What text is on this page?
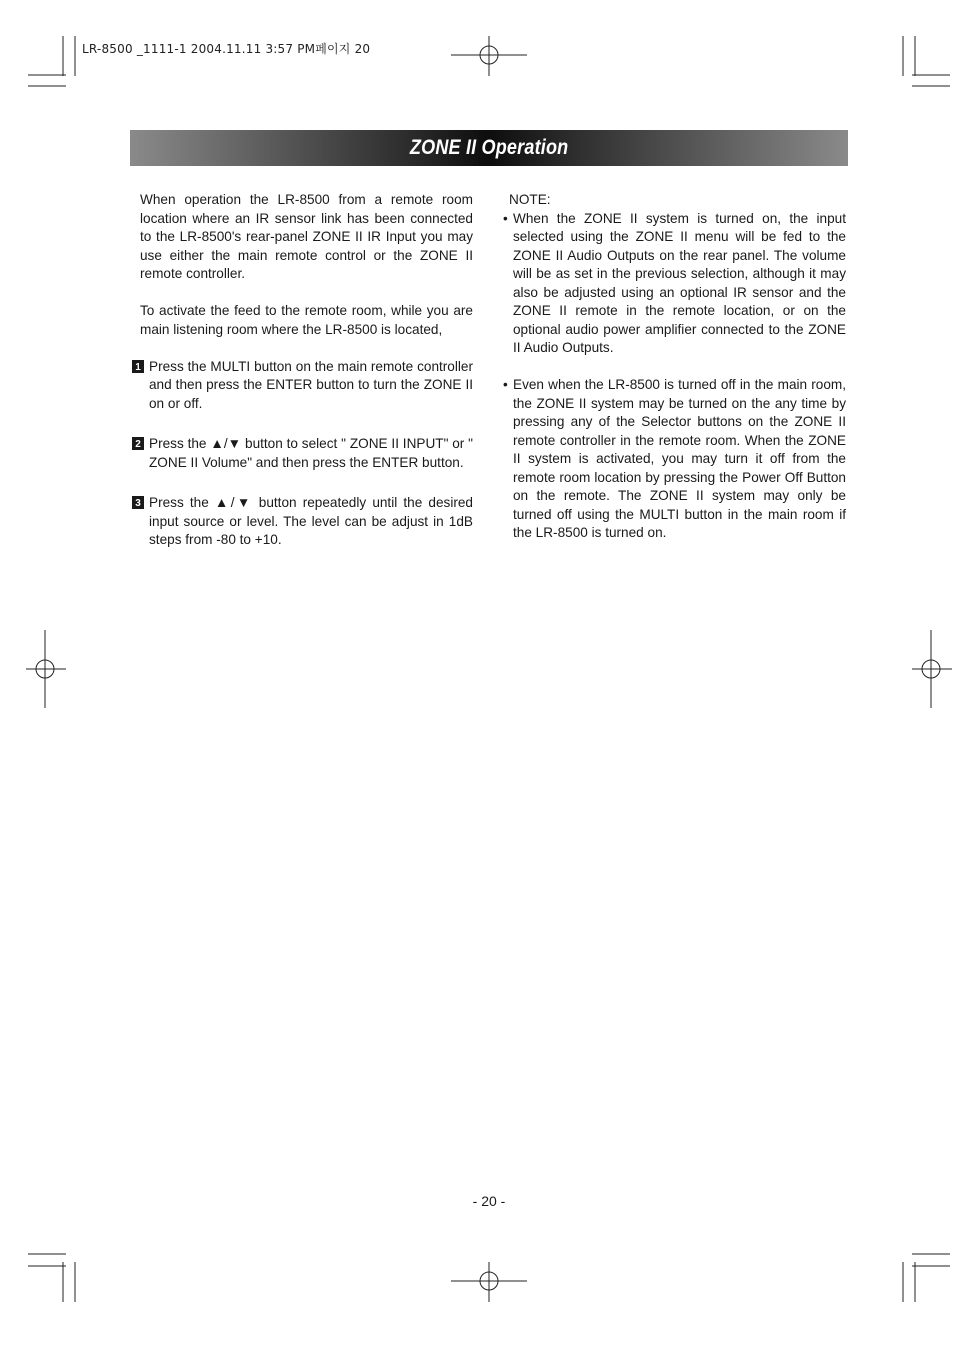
LR-8500 _1111-1 2004.11.11 3:57 PM페이지 20
ZONE II Operation

When operation the LR-8500 from a remote room location where an IR sensor link has been connected to the LR-8500's rear-panel ZONE II IR Input you may use either the main remote control or the ZONE II remote controller.

To activate the feed to the remote room, while you are main listening room where the LR-8500 is located,

1 Press the MULTI button on the main remote controller and then press the ENTER button to turn the ZONE II on or off.

2 Press the ▲/▼ button to select " ZONE II INPUT" or " ZONE II Volume" and then press the ENTER button.

3 Press the ▲/▼ button repeatedly until the desired input source or level. The level can be adjust in 1dB steps from -80 to +10.

NOTE:

• When the ZONE II system is turned on, the input selected using the ZONE II menu will be fed to the ZONE II Audio Outputs on the rear panel. The volume will be as set in the previous selection, although it may also be adjusted using an optional IR sensor and the ZONE II remote in the remote location, or on the optional audio power amplifier connected to the ZONE II Audio Outputs.

• Even when the LR-8500 is turned off in the main room, the ZONE II system may be turned on the any time by pressing any of the Selector buttons on the ZONE II remote controller in the remote room. When the ZONE II system is activated, you may turn it off from the remote room location by pressing the Power Off Button on the remote. The ZONE II system may only be turned off using the MULTI button in the main room if the LR-8500 is turned on.

- 20 -
